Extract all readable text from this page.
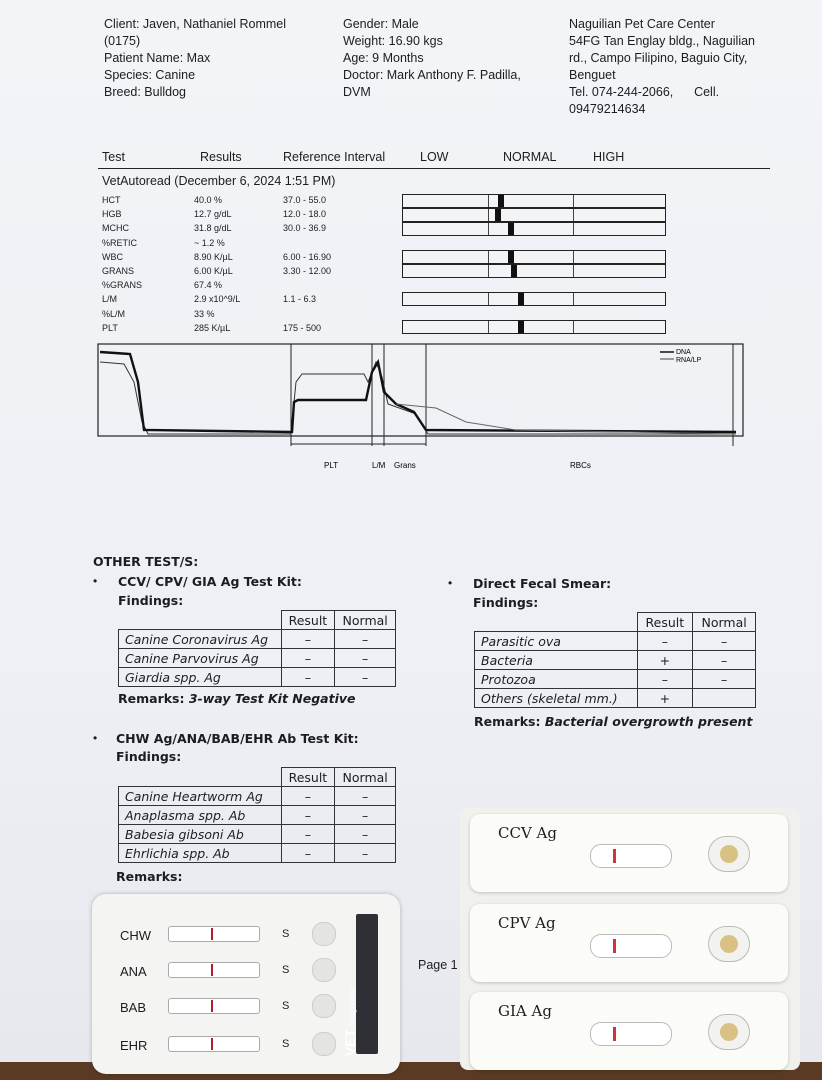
Client: Javen, Nathaniel Rommel
(0175)
Patient Name: Max
Species: Canine
Breed: Bulldog
Gender: Male
Weight: 16.90 kgs
Age: 9 Months
Doctor: Mark Anthony F. Padilla,
DVM
Naguilian Pet Care Center
54FG Tan Englay bldg., Naguilian
rd., Campo Filipino, Baguio City,
Benguet
Tel. 074-244-2066,      Cell.
09479214634
Test	Results	Reference Interval	LOW	NORMAL	HIGH
VetAutoread (December 6, 2024 1:51 PM)
HCT	40.0 %	37.0 - 55.0
HGB	12.7 g/dL	12.0 - 18.0
MCHC	31.8 g/dL	30.0 - 36.9
%RETIC	~ 1.2 %
WBC	8.90 K/µL	6.00 - 16.90
GRANS	6.00 K/µL	3.30 - 12.00
%GRANS	67.4 %
L/M	2.9 x10^9/L	1.1 - 6.3
%L/M	33 %
PLT	285 K/µL	175 - 500
DNA
RNA/LP
PLT	L/M Grans	RBCs
OTHER TEST/S:
• CCV/ CPV/ GIA Ag Test Kit:
Findings:
	Result	Normal
Canine Coronavirus Ag	–	–
Canine Parvovirus Ag	–	–
Giardia spp. Ag	–	–
Remarks: 3-way Test Kit Negative
• Direct Fecal Smear:
Findings:
	Result	Normal
Parasitic ova	–	–
Bacteria	+	–
Protozoa	–	–
Others (skeletal mm.)	+	
Remarks: Bacterial overgrowth present
• CHW Ag/ANA/BAB/EHR Ab Test Kit:
Findings:
	Result	Normal
Canine Heartworm Ag	–	–
Anaplasma spp. Ab	–	–
Babesia gibsoni Ab	–	–
Ehrlichia spp. Ab	–	–
Remarks:
Page 1
CHW
ANA
BAB
EHR
S
S
S
S	VET Diagnostix
CCV Ag
CPV Ag
GIA Ag
